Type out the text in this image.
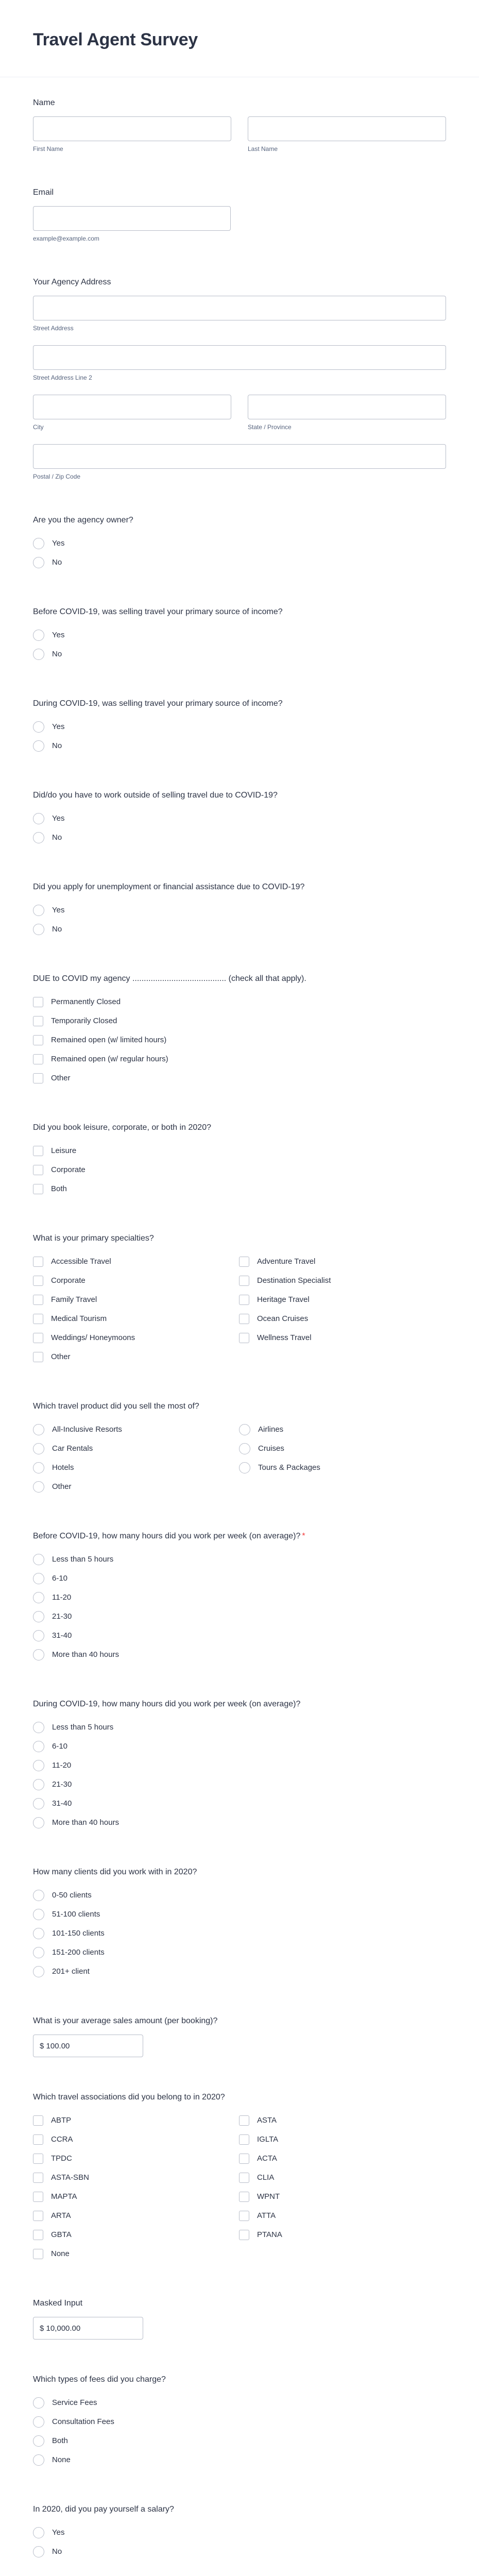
Travel Agent Survey
Name
First Name	Last Name
Email
example@example.com
Your Agency Address
Street Address
Street Address Line 2
City	State / Province
Postal / Zip Code
Are you the agency owner?
Yes
No
Before COVID-19, was selling travel your primary source of income?
Yes
No
During COVID-19, was selling travel your primary source of income?
Yes
No
Did/do you have to work outside of selling travel due to COVID-19?
Yes
No
Did you apply for unemployment or financial assistance due to COVID-19?
Yes
No
DUE to COVID my agency ......................................... (check all that apply).
Permanently Closed
Temporarily Closed
Remained open (w/ limited hours)
Remained open (w/ regular hours)
Other
Did you book leisure, corporate, or both in 2020?
Leisure
Corporate
Both
What is your primary specialties?
Accessible Travel	Adventure Travel
Corporate	Destination Specialist
Family Travel	Heritage Travel
Medical Tourism	Ocean Cruises
Weddings/ Honeymoons	Wellness Travel
Other
Which travel product did you sell the most of?
All-Inclusive Resorts	Airlines
Car Rentals	Cruises
Hotels	Tours & Packages
Other
Before COVID-19, how many hours did you work per week (on average)? *
Less than 5 hours
6-10
11-20
21-30
31-40
More than 40 hours
During COVID-19, how many hours did you work per week (on average)?
Less than 5 hours
6-10
11-20
21-30
31-40
More than 40 hours
How many clients did you work with in 2020?
0-50 clients
51-100 clients
101-150 clients
151-200 clients
201+ client
What is your average sales amount (per booking)?
$ 100.00
Which travel associations did you belong to in 2020?
ABTP	ASTA
CCRA	IGLTA
TPDC	ACTA
ASTA-SBN	CLIA
MAPTA	WPNT
ARTA	ATTA
GBTA	PTANA
None
Masked Input
$ 10,000.00
Which types of fees did you charge?
Service Fees
Consultation Fees
Both
None
In 2020, did you pay yourself a salary?
Yes
No
